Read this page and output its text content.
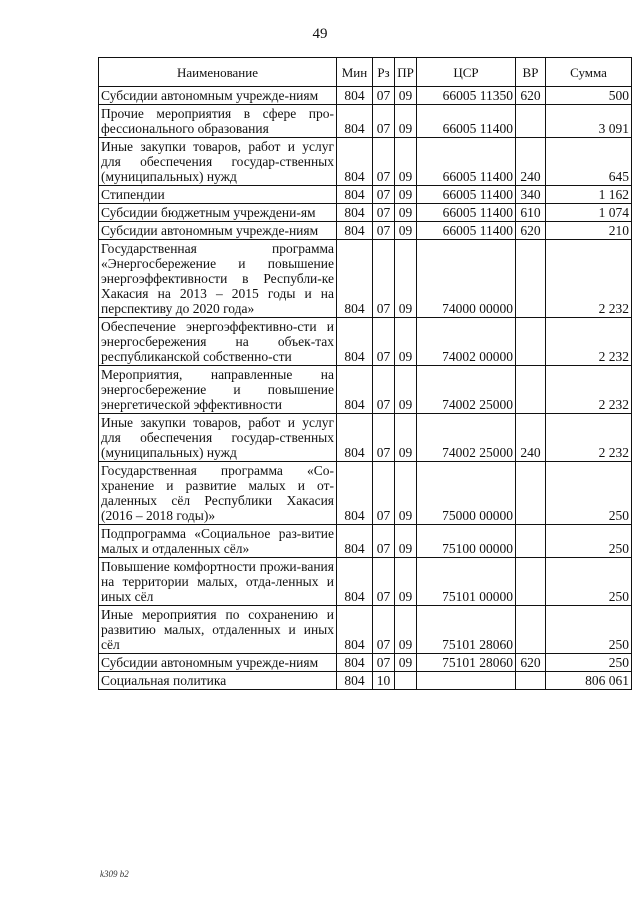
49
Наименование	Мин	Рз	ПР	ЦСР	ВР	Сумма
Субсидии автономным учрежде-ниям	804	07	09	66005 11350	620	500
Прочие мероприятия в сфере про-фессионального образования	804	07	09	66005 11400		3 091
Иные закупки товаров, работ и услуг для обеспечения государ-ственных (муниципальных) нужд	804	07	09	66005 11400	240	645
Стипендии	804	07	09	66005 11400	340	1 162
Субсидии бюджетным учреждени-ям	804	07	09	66005 11400	610	1 074
Субсидии автономным учрежде-ниям	804	07	09	66005 11400	620	210
Государственная программа «Энергосбережение и повышение энергоэффективности в Республи-ке Хакасия на 2013 – 2015 годы и на перспективу до 2020 года»	804	07	09	74000 00000		2 232
Обеспечение энергоэффективно-сти и энергосбережения на объек-тах республиканской собственно-сти	804	07	09	74002 00000		2 232
Мероприятия, направленные на энергосбережение и повышение энергетической эффективности	804	07	09	74002 25000		2 232
Иные закупки товаров, работ и услуг для обеспечения государ-ственных (муниципальных) нужд	804	07	09	74002 25000	240	2 232
Государственная программа «Со-хранение и развитие малых и от-даленных сёл Республики Хакасия (2016 – 2018 годы)»	804	07	09	75000 00000		250
Подпрограмма «Социальное раз-витие малых и отдаленных сёл»	804	07	09	75100 00000		250
Повышение комфортности прожи-вания на территории малых, отда-ленных и иных сёл	804	07	09	75101 00000		250
Иные мероприятия по сохранению и развитию малых, отдаленных и иных сёл	804	07	09	75101 28060		250
Субсидии автономным учрежде-ниям	804	07	09	75101 28060	620	250
Социальная политика	804	10				806 061
k309 b2
